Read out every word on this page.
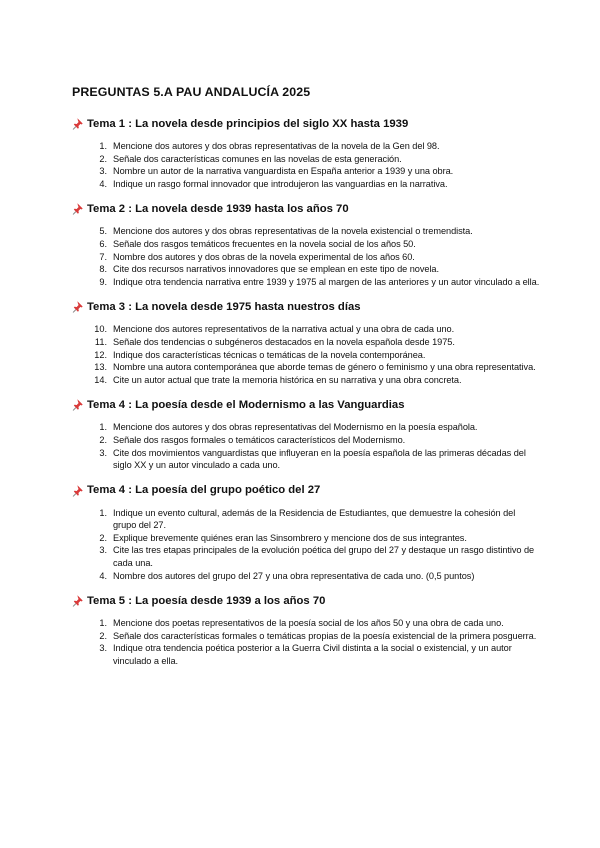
PREGUNTAS 5.A PAU ANDALUCÍA 2025
Tema 1 : La novela desde principios del siglo XX hasta 1939
1. Mencione dos autores y dos obras representativas de la novela de la Gen del 98.
2. Señale dos características comunes en las novelas de esta generación.
3. Nombre un autor de la narrativa vanguardista en España anterior a 1939 y una obra.
4. Indique un rasgo formal innovador que introdujeron las vanguardias en la narrativa.
Tema 2 : La novela desde 1939 hasta los años 70
5. Mencione dos autores y dos obras representativas de la novela existencial o tremendista.
6. Señale dos rasgos temáticos frecuentes en la novela social de los años 50.
7. Nombre dos autores y dos obras de la novela experimental de los años 60.
8. Cite dos recursos narrativos innovadores que se emplean en este tipo de novela.
9. Indique otra tendencia narrativa entre 1939 y 1975 al margen de las anteriores y un autor vinculado a ella.
Tema 3 : La novela desde 1975 hasta nuestros días
10. Mencione dos autores representativos de la narrativa actual y una obra de cada uno.
11. Señale dos tendencias o subgéneros destacados en la novela española desde 1975.
12. Indique dos características técnicas o temáticas de la novela contemporánea.
13. Nombre una autora contemporánea que aborde temas de género o feminismo y una obra representativa.
14. Cite un autor actual que trate la memoria histórica en su narrativa y una obra concreta.
Tema 4 : La poesía desde el Modernismo a las Vanguardias
1. Mencione dos autores y dos obras representativas del Modernismo en la poesía española.
2. Señale dos rasgos formales o temáticos característicos del Modernismo.
3. Cite dos movimientos vanguardistas que influyeran en la poesía española de las primeras décadas del siglo XX y un autor vinculado a cada uno.
Tema 4 : La poesía del grupo poético del 27
1. Indique un evento cultural, además de la Residencia de Estudiantes, que demuestre la cohesión del grupo del 27.
2. Explique brevemente quiénes eran las Sinsombrero y mencione dos de sus integrantes.
3. Cite las tres etapas principales de la evolución poética del grupo del 27 y destaque un rasgo distintivo de cada una.
4. Nombre dos autores del grupo del 27 y una obra representativa de cada uno. (0,5 puntos)
Tema 5 : La poesía desde 1939 a los años 70
1. Mencione dos poetas representativos de la poesía social de los años 50 y una obra de cada uno.
2. Señale dos características formales o temáticas propias de la poesía existencial de la primera posguerra.
3. Indique otra tendencia poética posterior a la Guerra Civil distinta a la social o existencial, y un autor vinculado a ella.
